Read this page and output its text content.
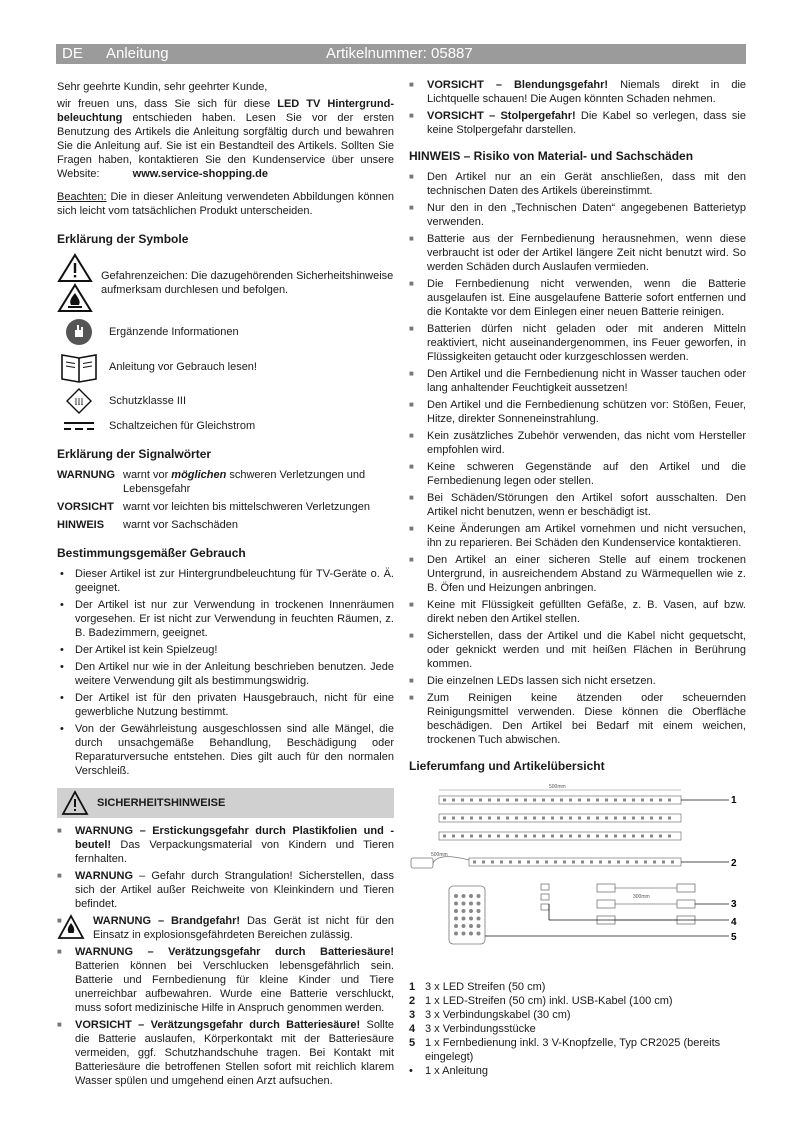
DE Anleitung	Artikelnummer: 05887

Sehr geehrte Kundin, sehr geehrter Kunde,

wir freuen uns, dass Sie sich für diese LED TV Hintergrundbeleuchtung entschieden haben. Lesen Sie vor der ersten Benutzung des Artikels die Anleitung sorgfältig durch und bewahren Sie die Anleitung auf. Sie ist ein Bestandteil des Artikels. Sollten Sie Fragen haben, kontaktieren Sie den Kundenservice über unsere Website:	www.service-shopping.de

Beachten: Die in dieser Anleitung verwendeten Abbildungen können sich leicht vom tatsächlichen Produkt unterscheiden.

Erklärung der Symbole
Gefahrenzeichen: Die dazugehörenden Sicherheitshinweise aufmerksam durchlesen und befolgen.
Ergänzende Informationen
Anleitung vor Gebrauch lesen!
III Schutzklasse III
Schaltzeichen für Gleichstrom
Erklärung der Signalwörter
WARNUNG warnt vor möglichen schweren Verletzungen und Lebensgefahr
VORSICHT warnt vor leichten bis mittelschweren Verletzungen
HINWEIS	warnt vor Sachschäden
Bestimmungsgemäßer Gebrauch
• Dieser Artikel ist zur Hintergrundbeleuchtung für TV-Geräte o. Ä. geeignet.
• Der Artikel ist nur zur Verwendung in trockenen Innenräumen vorgesehen. Er ist nicht zur Verwendung in feuchten Räumen, z. B. Badezimmern, geeignet.
• Der Artikel ist kein Spielzeug!
• Den Artikel nur wie in der Anleitung beschrieben benutzen. Jede weitere Verwendung gilt als bestimmungswidrig.
• Der Artikel ist für den privaten Hausgebrauch, nicht für eine gewerbliche Nutzung bestimmt.
• Von der Gewährleistung ausgeschlossen sind alle Mängel, die durch unsachgemäße Behandlung, Beschädigung oder Reparaturversuche entstehen. Dies gilt auch für den normalen Verschleiß.
SICHERHEITSHINWEISE
■ WARNUNG – Erstickungsgefahr durch Plastikfolien und -beutel! Das Verpackungsmaterial von Kindern und Tieren fernhalten.
■ WARNUNG – Gefahr durch Strangulation! Sicherstellen, dass sich der Artikel außer Reichweite von Kleinkindern und Tieren befindet.
■ WARNUNG – Brandgefahr! Das Gerät ist nicht für den Einsatz in explosionsgefährdeten Bereichen zulässig.
■ WARNUNG – Verätzungsgefahr durch Batteriesäure! Batterien können bei Verschlucken lebensgefährlich sein. Batterie und Fernbedienung für kleine Kinder und Tiere unerreichbar aufbewahren. Wurde eine Batterie verschluckt, muss sofort medizinische Hilfe in Anspruch genommen werden.
■ VORSICHT – Verätzungsgefahr durch Batteriesäure! Sollte die Batterie auslaufen, Körperkontakt mit der Batteriesäure vermeiden, ggf. Schutzhandschuhe tragen. Bei Kontakt mit Batteriesäure die betroffenen Stellen sofort mit reichlich klarem Wasser spülen und umgehend einen Arzt aufsuchen.
■ VORSICHT – Blendungsgefahr! Niemals direkt in die Lichtquelle schauen! Die Augen könnten Schaden nehmen.
■ VORSICHT – Stolpergefahr! Die Kabel so verlegen, dass sie keine Stolpergefahr darstellen.
HINWEIS – Risiko von Material- und Sachschäden
■ Den Artikel nur an ein Gerät anschließen, dass mit den technischen Daten des Artikels übereinstimmt.
■ Nur den in den „Technischen Daten“ angegebenen Batterietyp verwenden.
■ Batterie aus der Fernbedienung herausnehmen, wenn diese verbraucht ist oder der Artikel längere Zeit nicht benutzt wird. So werden Schäden durch Auslaufen vermieden.
■ Die Fernbedienung nicht verwenden, wenn die Batterie ausgelaufen ist. Eine ausgelaufene Batterie sofort entfernen und die Kontakte vor dem Einlegen einer neuen Batterie reinigen.
■ Batterien dürfen nicht geladen oder mit anderen Mitteln reaktiviert, nicht auseinandergenommen, ins Feuer geworfen, in Flüssigkeiten getaucht oder kurzgeschlossen werden.
■ Den Artikel und die Fernbedienung nicht in Wasser tauchen oder lang anhaltender Feuchtigkeit aussetzen!
■ Den Artikel und die Fernbedienung schützen vor: Stößen, Feuer, Hitze, direkter Sonneneinstrahlung.
■ Kein zusätzliches Zubehör verwenden, das nicht vom Hersteller empfohlen wird.
■ Keine schweren Gegenstände auf den Artikel und die Fernbedienung legen oder stellen.
■ Bei Schäden/Störungen den Artikel sofort ausschalten. Den Artikel nicht benutzen, wenn er beschädigt ist.
■ Keine Änderungen am Artikel vornehmen und nicht versuchen, ihn zu reparieren. Bei Schäden den Kundenservice kontaktieren.
■ Den Artikel an einer sicheren Stelle auf einem trockenen Untergrund, in ausreichendem Abstand zu Wärmequellen wie z. B. Öfen und Heizungen anbringen.
■ Keine mit Flüssigkeit gefüllten Gefäße, z. B. Vasen, auf bzw. direkt neben den Artikel stellen.
■ Sicherstellen, dass der Artikel und die Kabel nicht gequetscht, oder geknickt werden und mit heißen Flächen in Berührung kommen.
■ Die einzelnen LEDs lassen sich nicht ersetzen.
■ Zum Reinigen keine ätzenden oder scheuernden Reinigungsmittel verwenden. Diese können die Oberfläche beschädigen. Den Artikel bei Bedarf mit einem weichen, trockenen Tuch abwischen.
Lieferumfang und Artikelübersicht
500mm
1
500mm
2
300mm
3
4
5
1 3 x LED Streifen (50 cm)
2 1 x LED-Streifen (50 cm) inkl. USB-Kabel (100 cm)
3 3 x Verbindungskabel (30 cm)
4 3 x Verbindungsstücke
5 1 x Fernbedienung inkl. 3 V-Knopfzelle, Typ CR2025 (bereits eingelegt)
•	1 x Anleitung
